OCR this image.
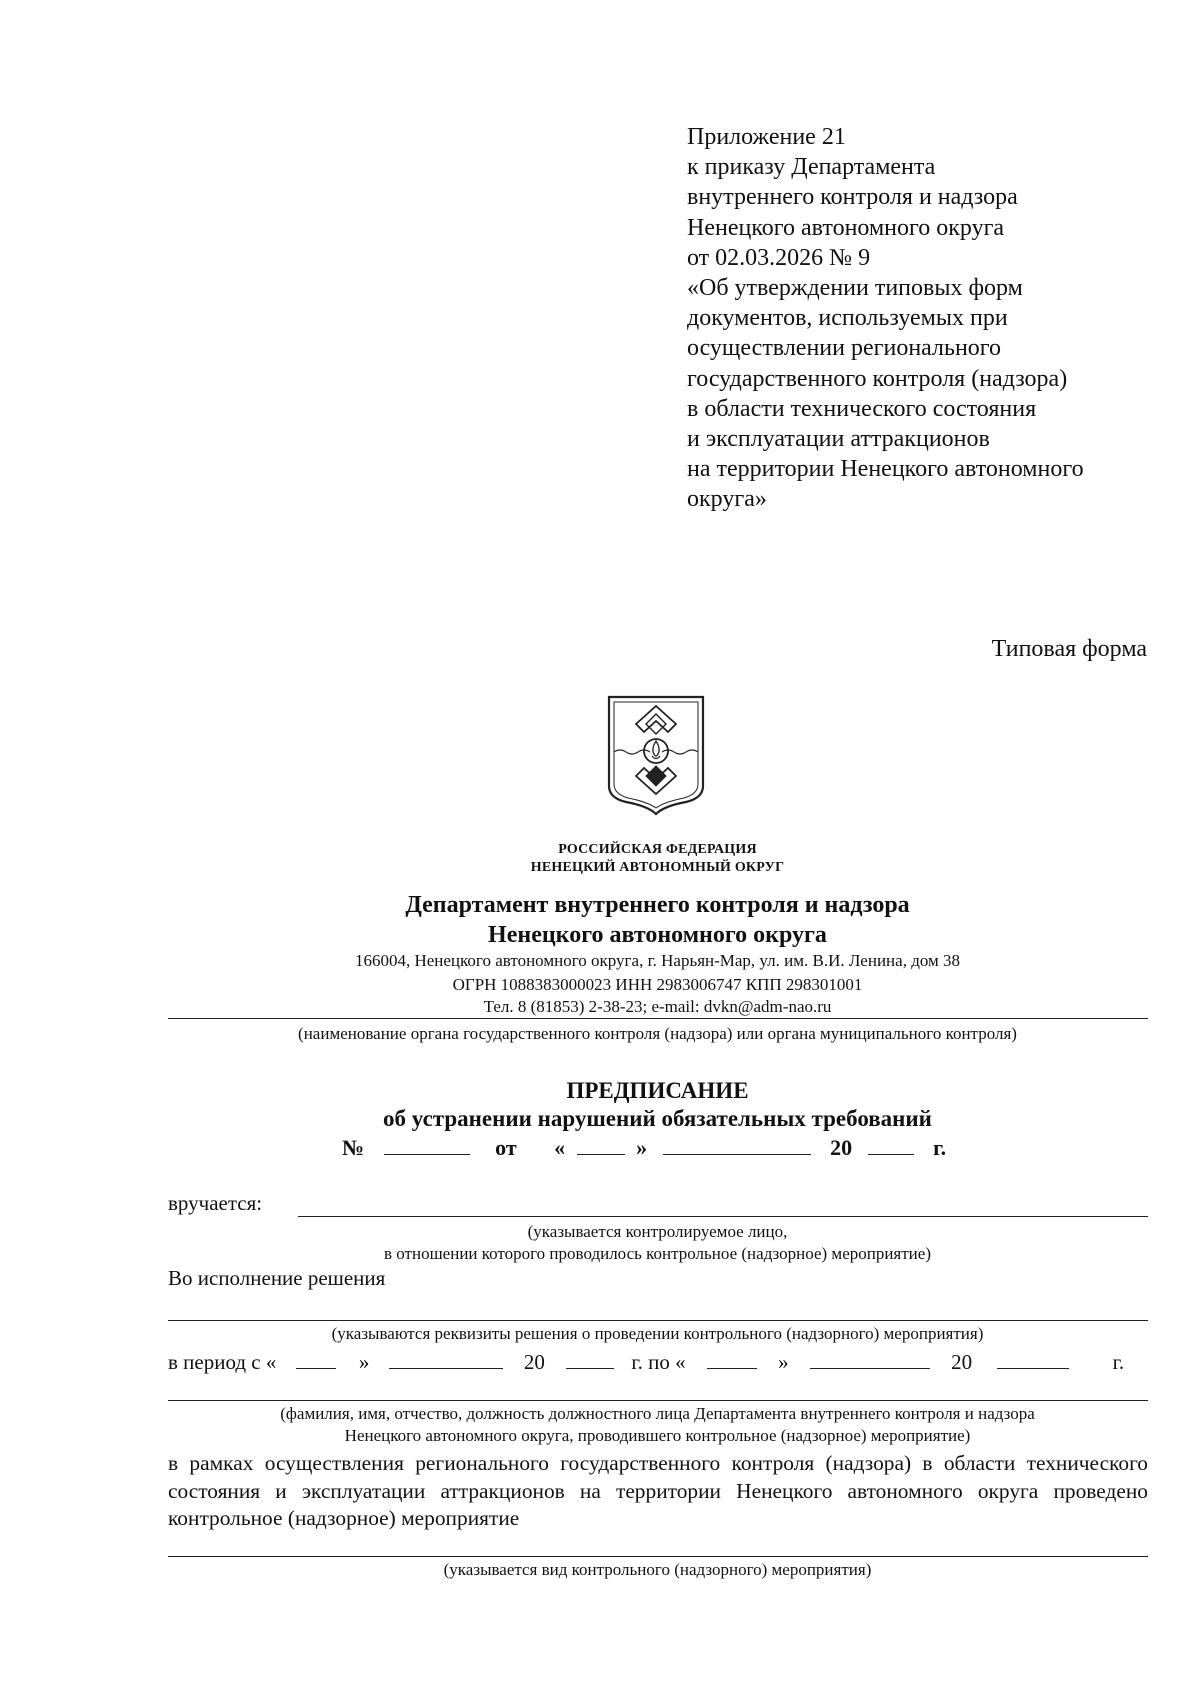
Приложение 21
к приказу Департамента
внутреннего контроля и надзора
Ненецкого автономного округа
от 02.03.2026 № 9
«Об утверждении типовых форм
документов, используемых при
осуществлении регионального
государственного контроля (надзора)
в области технического состояния
и эксплуатации аттракционов
на территории Ненецкого автономного
округа»
Типовая форма
РОССИЙСКАЯ ФЕДЕРАЦИЯ
НЕНЕЦКИЙ АВТОНОМНЫЙ ОКРУГ
Департамент внутреннего контроля и надзора
Ненецкого автономного округа
166004, Ненецкого автономного округа, г. Нарьян-Мар, ул. им. В.И. Ленина, дом 38
ОГРН 1088383000023 ИНН 2983006747 КПП 298301001
Тел. 8 (81853) 2-38-23; e-mail: dvkn@adm-nao.ru
(наименование органа государственного контроля (надзора) или органа муниципального контроля)
ПРЕДПИСАНИЕ
об устранении нарушений обязательных требований
№	от «	»	20	г.
вручается:
(указывается контролируемое лицо,
в отношении которого проводилось контрольное (надзорное) мероприятие)
Во исполнение решения
(указываются реквизиты решения о проведении контрольного (надзорного) мероприятия)
в период с «	»	20	г. по «	»	20	г.
(фамилия, имя, отчество, должность должностного лица Департамента внутреннего контроля и надзора
Ненецкого автономного округа, проводившего контрольное (надзорное) мероприятие)
в рамках осуществления регионального государственного контроля (надзора) в области технического состояния и эксплуатации аттракционов на территории Ненецкого автономного округа проведено контрольное (надзорное) мероприятие
(указывается вид контрольного (надзорного) мероприятия)
